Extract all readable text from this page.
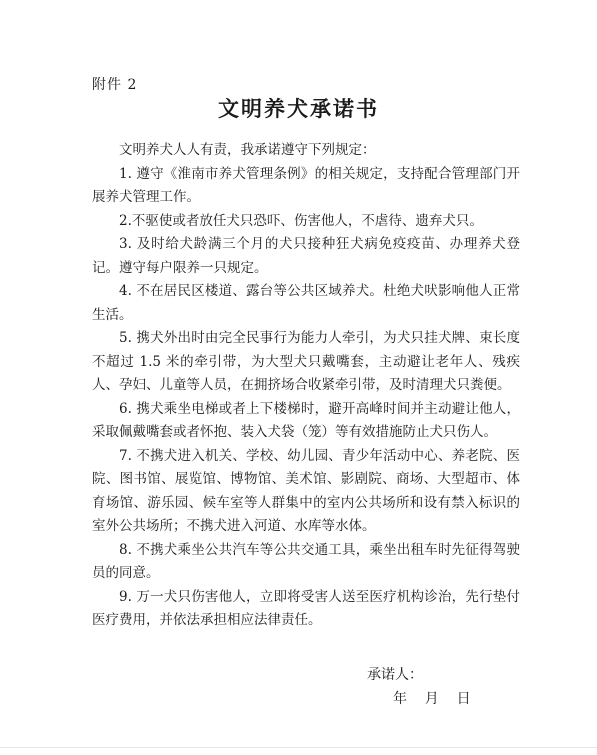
附件 2
文明养犬承诺书

文明养犬人人有责，我承诺遵守下列规定：

1. 遵守《淮南市养犬管理条例》的相关规定，支持配合管理部门开展养犬管理工作。

2.不驱使或者放任犬只恐吓、伤害他人，不虐待、遗弃犬只。

3. 及时给犬龄满三个月的犬只接种狂犬病免疫疫苗、办理养犬登记。遵守每户限养一只规定。

4. 不在居民区楼道、露台等公共区域养犬。杜绝犬吠影响他人正常生活。

5. 携犬外出时由完全民事行为能力人牵引，为犬只挂犬牌、束长度不超过 1.5 米的牵引带，为大型犬只戴嘴套，主动避让老年人、残疾人、孕妇、儿童等人员，在拥挤场合收紧牵引带，及时清理犬只粪便。

6. 携犬乘坐电梯或者上下楼梯时，避开高峰时间并主动避让他人，采取佩戴嘴套或者怀抱、装入犬袋（笼）等有效措施防止犬只伤人。

7. 不携犬进入机关、学校、幼儿园、青少年活动中心、养老院、医院、图书馆、展览馆、博物馆、美术馆、影剧院、商场、大型超市、体育场馆、游乐园、候车室等人群集中的室内公共场所和设有禁入标识的室外公共场所；不携犬进入河道、水库等水体。

8. 不携犬乘坐公共汽车等公共交通工具，乘坐出租车时先征得驾驶员的同意。

9. 万一犬只伤害他人，立即将受害人送至医疗机构诊治，先行垫付医疗费用，并依法承担相应法律责任。

承诺人：
年    月    日
